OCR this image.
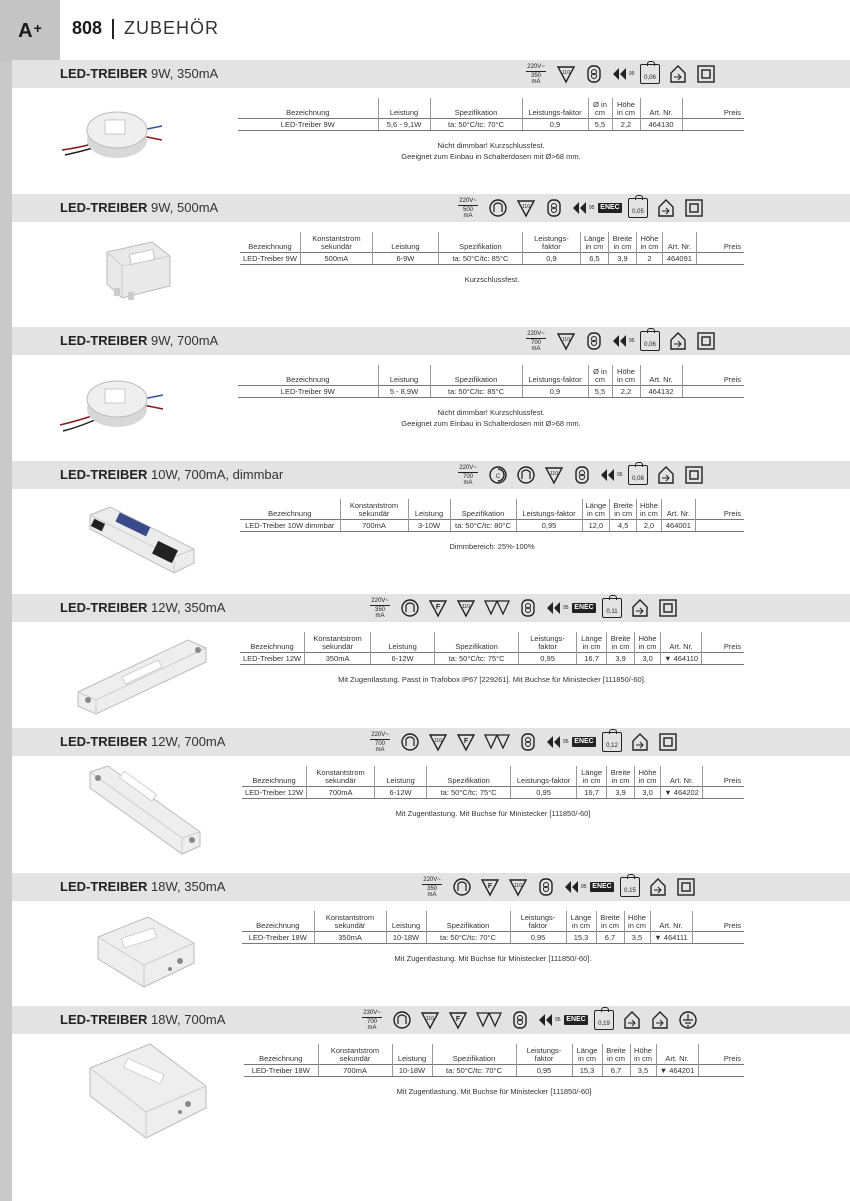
A+ 808 ZUBEHÖR
LED-TREIBER 9W, 350mA	220V~
350
mA
110	95
0,06
Bezeichnung	Leistung	Spezifikation	Leistungs-faktor	Ø in cm	Höhe in cm	Art. Nr.	Preis
LED-Treiber 9W	5,6 - 9,1W	ta: 50°C/tc: 70°C	0,9	5,5	2,2	464130	
Nicht dimmbar! Kurzschlussfest.
Geeignet zum Einbau in Schalterdosen mit Ø>68 mm.
LED-TREIBER 9W, 500mA	220V~
500
mA
110	95 ENEC
0,05
Bezeichnung	Konstantstrom sekundär	Leistung	Spezifikation	Leistungs-faktor	Länge in cm	Breite in cm	Höhe in cm	Art. Nr.	Preis
LED-Treiber 9W	500mA	6-9W	ta: 50°C/tc: 85°C	0,9	6,5	3,9	2	464091	
Kurzschlussfest.
LED-TREIBER 9W, 700mA	220V~
700
mA
110	95
0,06
Bezeichnung	Leistung	Spezifikation	Leistungs-faktor	Ø in cm	Höhe in cm	Art. Nr.	Preis
LED-Treiber 9W	5 - 8,9W	ta: 50°C/tc: 85°C	0,9	5,5	2,2	464132	
Nicht dimmbar! Kurzschlussfest.
Geeignet zum Einbau in Schalterdosen mit Ø>68 mm.
LED-TREIBER 10W, 700mA, dimmbar	220V~
700
mA
C	110	95
0,08
Bezeichnung	Konstantstrom sekundär	Leistung	Spezifikation	Leistungs-faktor	Länge in cm	Breite in cm	Höhe in cm	Art. Nr.	Preis
LED-Treiber 10W dimmbar	700mA	3-10W	ta: 50°C/tc: 80°C	0,95	12,0	4,5	2,0	464001	
Dimmbereich: 25%-100%
LED-TREIBER 12W, 350mA	220V~
350
mA
F	110	95 ENEC
0,11
Bezeichnung	Konstantstrom sekundär	Leistung	Spezifikation	Leistungs-faktor	Länge in cm	Breite in cm	Höhe in cm	Art. Nr.	Preis
LED-Treiber 12W	350mA	6-12W	ta: 50°C/tc: 75°C	0,95	16,7	3,9	3,0	▼ 464110	
Mit Zugentlastung. Passt in Trafobox IP67 [229261]. Mit Buchse für Ministecker [111850/-60].
LED-TREIBER 12W, 700mA	220V~
700
mA
110	F	95 ENEC
0,12
Bezeichnung	Konstantstrom sekundär	Leistung	Spezifikation	Leistungs-faktor	Länge in cm	Breite in cm	Höhe in cm	Art. Nr.	Preis
LED-Treiber 12W	700mA	6-12W	ta: 50°C/tc: 75°C	0,95	16,7	3,9	3,0	▼ 464202	
Mit Zugentlastung. Mit Buchse für Ministecker [111850/-60]
LED-TREIBER 18W, 350mA	220V~
350
mA
F	110	95 ENEC
0,15
Bezeichnung	Konstantstrom sekundär	Leistung	Spezifikation	Leistungs-faktor	Länge in cm	Breite in cm	Höhe in cm	Art. Nr.	Preis
LED-Treiber 18W	350mA	10-18W	ta: 50°C/tc: 70°C	0,95	15,3	6,7	3,5	▼ 464111	
Mit Zugentlastung. Mit Buchse für Ministecker [111850/-60].
LED-TREIBER 18W, 700mA	230V~
700
mA
110	F	95 ENEC
0,19
Bezeichnung	Konstantstrom sekundär	Leistung	Spezifikation	Leistungs-faktor	Länge in cm	Breite in cm	Höhe in cm	Art. Nr.	Preis
LED-Treiber 18W	700mA	10-18W	ta: 50°C/tc: 70°C	0,95	15,3	6,7	3,5	▼ 464201	
Mit Zugentlastung. Mit Buchse für Ministecker [111850/-60]
